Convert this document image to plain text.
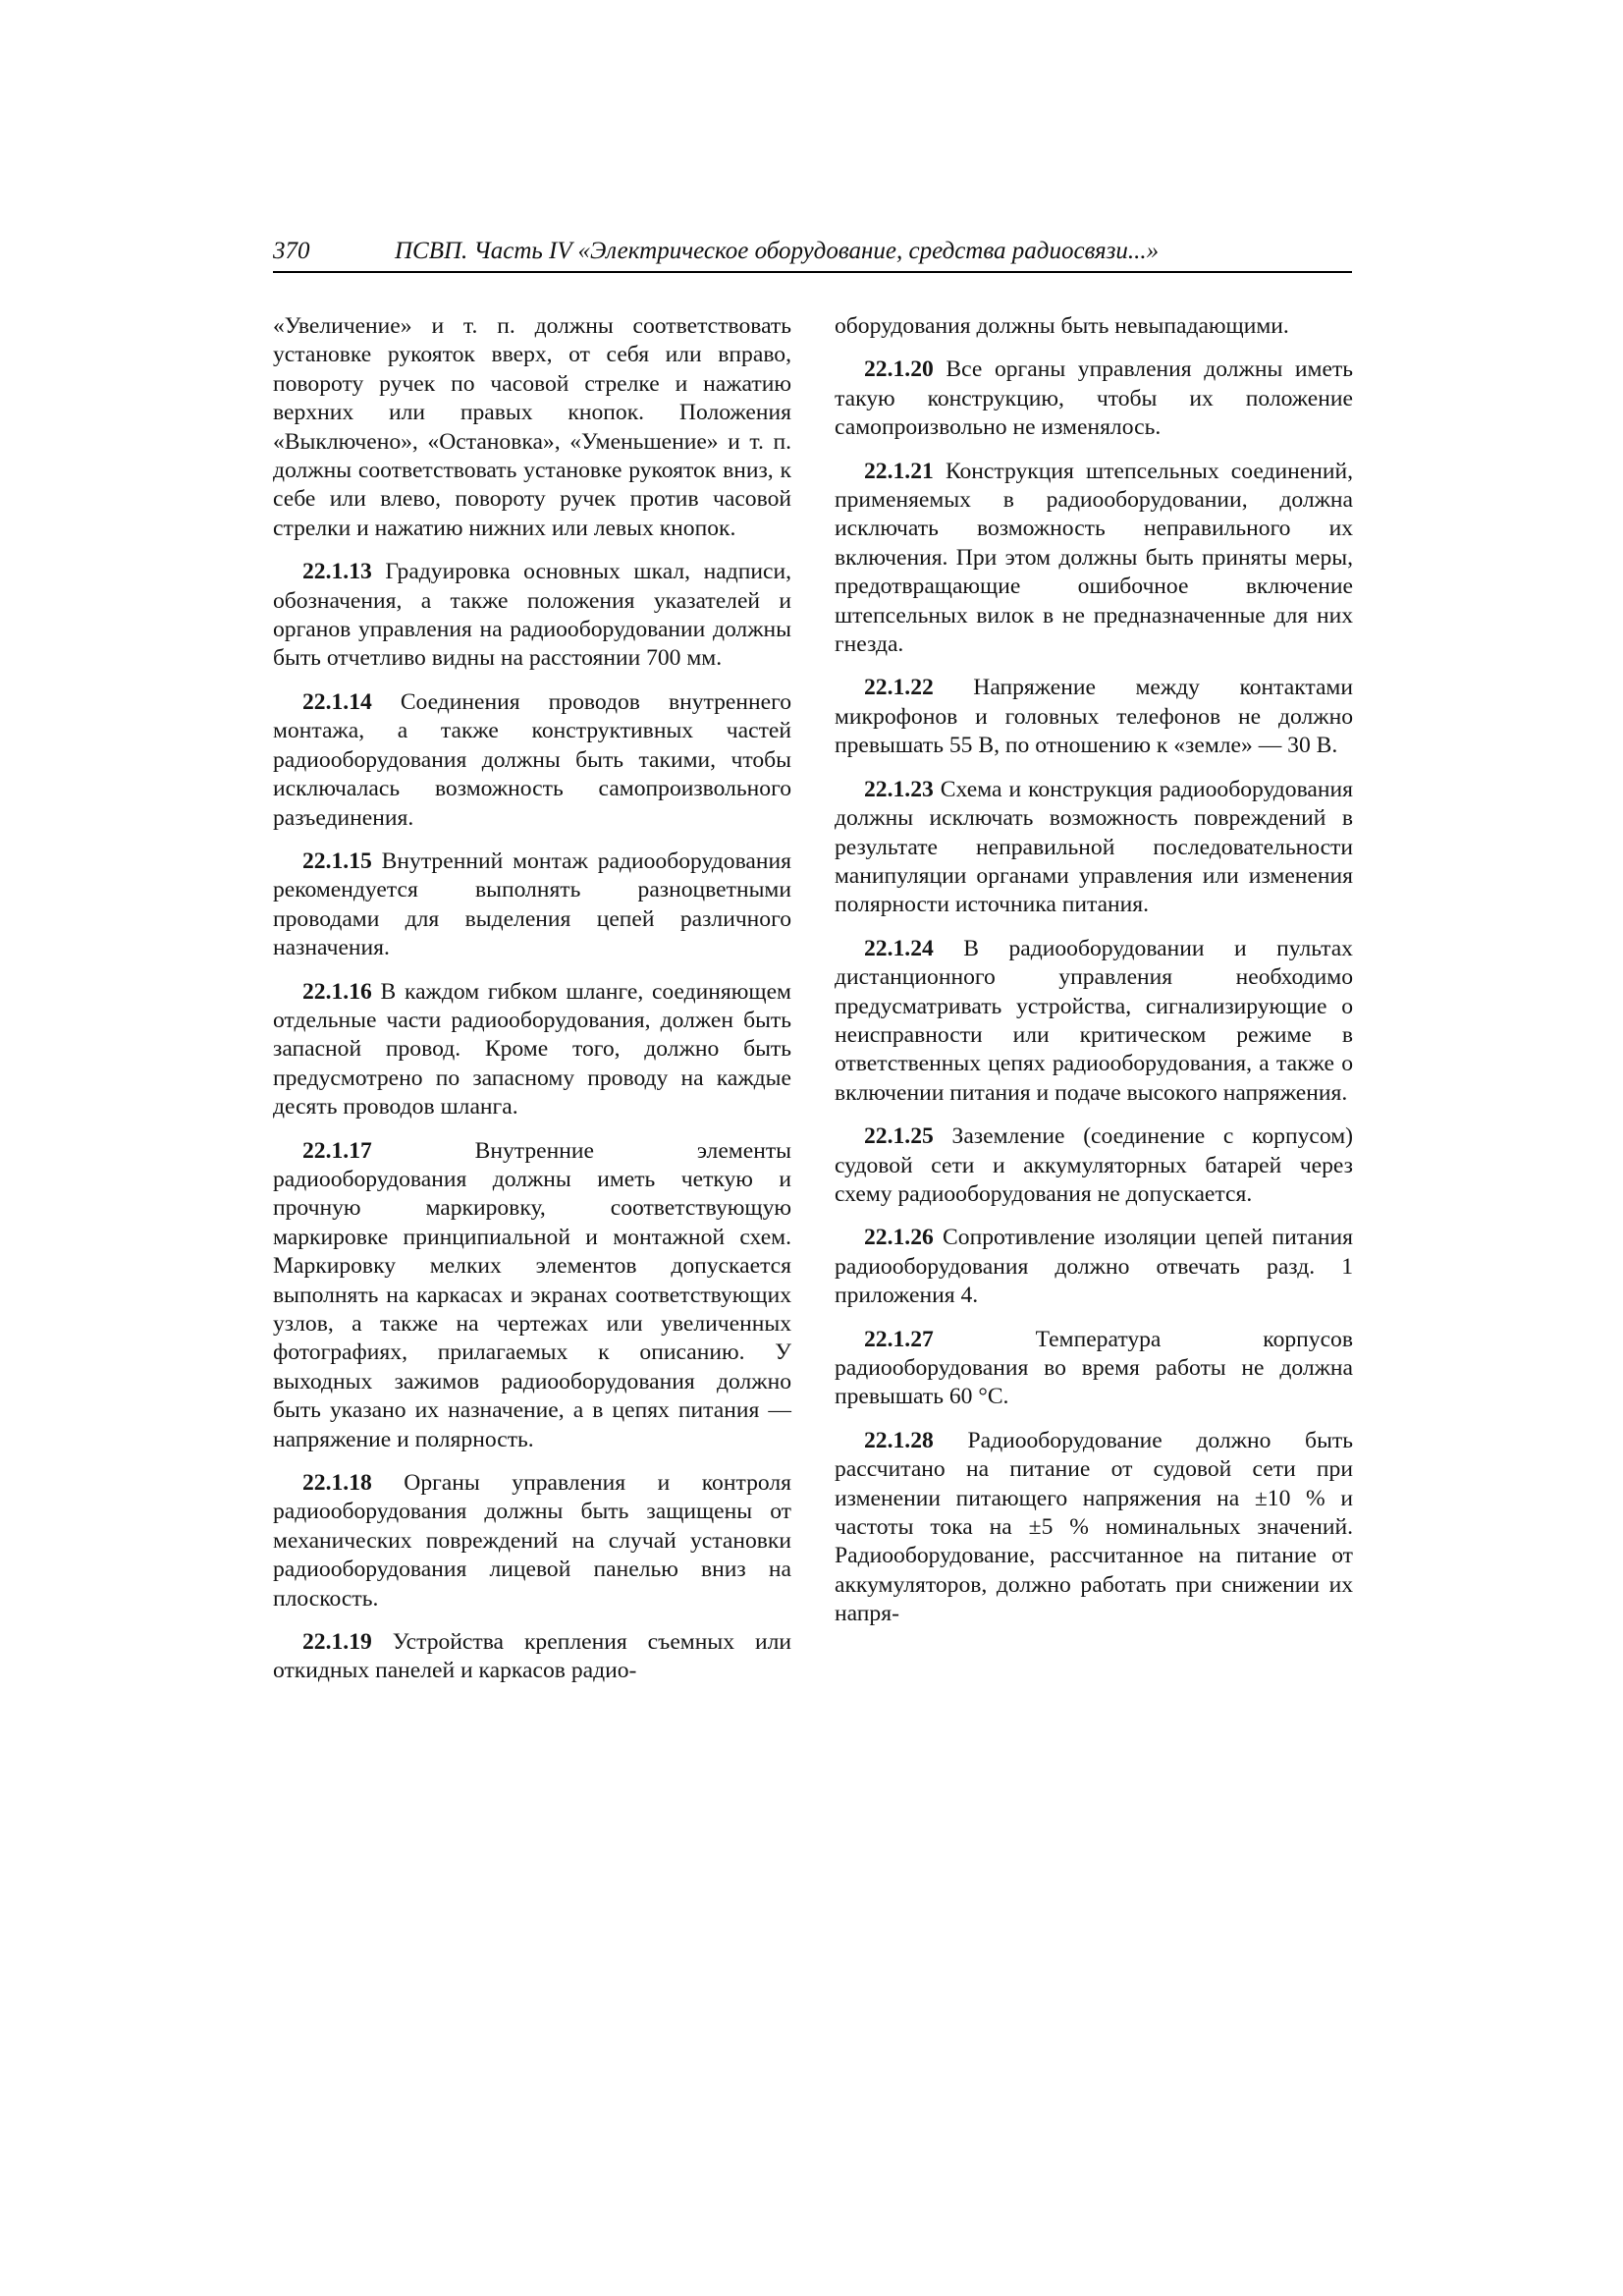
370	ПСВП. Часть IV «Электрическое оборудование, средства радиосвязи...»

«Увеличение» и т. п. должны соответствовать установке рукояток вверх, от себя или вправо, повороту ручек по часовой стрелке и нажатию верхних или правых кнопок. Положения «Выключено», «Остановка», «Уменьшение» и т. п. должны соответствовать установке рукояток вниз, к себе или влево, повороту ручек против часовой стрелки и нажатию нижних или левых кнопок.

22.1.13 Градуировка основных шкал, надписи, обозначения, а также положения указателей и органов управления на радиооборудовании должны быть отчетливо видны на расстоянии 700 мм.

22.1.14 Соединения проводов внутреннего монтажа, а также конструктивных частей радиооборудования должны быть такими, чтобы исключалась возможность самопроизвольного разъединения.

22.1.15 Внутренний монтаж радиооборудования рекомендуется выполнять разноцветными проводами для выделения цепей различного назначения.

22.1.16 В каждом гибком шланге, соединяющем отдельные части радиооборудования, должен быть запасной провод. Кроме того, должно быть предусмотрено по запасному проводу на каждые десять проводов шланга.

22.1.17	Внутренние элементы радиооборудования должны иметь четкую и прочную маркировку, соответствующую маркировке принципиальной и монтажной схем. Маркировку мелких элементов допускается выполнять на каркасах и экранах соответствующих узлов, а также на чертежах или увеличенных фотографиях, прилагаемых к описанию. У выходных зажимов радиооборудования должно быть указано их назначение, а в цепях питания — напряжение и полярность.

22.1.18 Органы управления и контроля радиооборудования должны быть защищены от механических повреждений на случай установки радиооборудования лицевой панелью вниз на плоскость.

22.1.19 Устройства крепления съемных или откидных панелей и каркасов радио-

оборудования должны быть невыпадающими.

22.1.20 Все органы управления должны иметь такую конструкцию, чтобы их положение самопроизвольно не изменялось.

22.1.21 Конструкция штепсельных соединений, применяемых в радиооборудовании, должна исключать возможность неправильного их включения. При этом должны быть приняты меры, предотвращающие ошибочное включение штепсельных вилок в не предназначенные для них гнезда.

22.1.22 Напряжение между контактами микрофонов и головных телефонов не должно превышать 55 В, по отношению к «земле» — 30 В.

22.1.23 Схема и конструкция радиооборудования должны исключать возможность повреждений в результате неправильной последовательности манипуляции органами управления или изменения полярности источника питания.

22.1.24 В радиооборудовании и пультах дистанционного управления необходимо предусматривать устройства, сигнализирующие о неисправности или критическом режиме в ответственных цепях радиооборудования, а также о включении питания и подаче высокого напряжения.

22.1.25 Заземление (соединение с корпусом) судовой сети и аккумуляторных батарей через схему радиооборудования не допускается.

22.1.26 Сопротивление изоляции цепей питания радиооборудования должно отвечать разд. 1 приложения 4.

22.1.27	Температура корпусов радиооборудования во время работы не должна превышать 60 °С.

22.1.28 Радиооборудование должно быть рассчитано на питание от судовой сети при изменении питающего напряжения на ±10 % и частоты тока на ±5 % номинальных значений. Радиооборудование, рассчитанное на питание от аккумуляторов, должно работать при снижении их напря-
